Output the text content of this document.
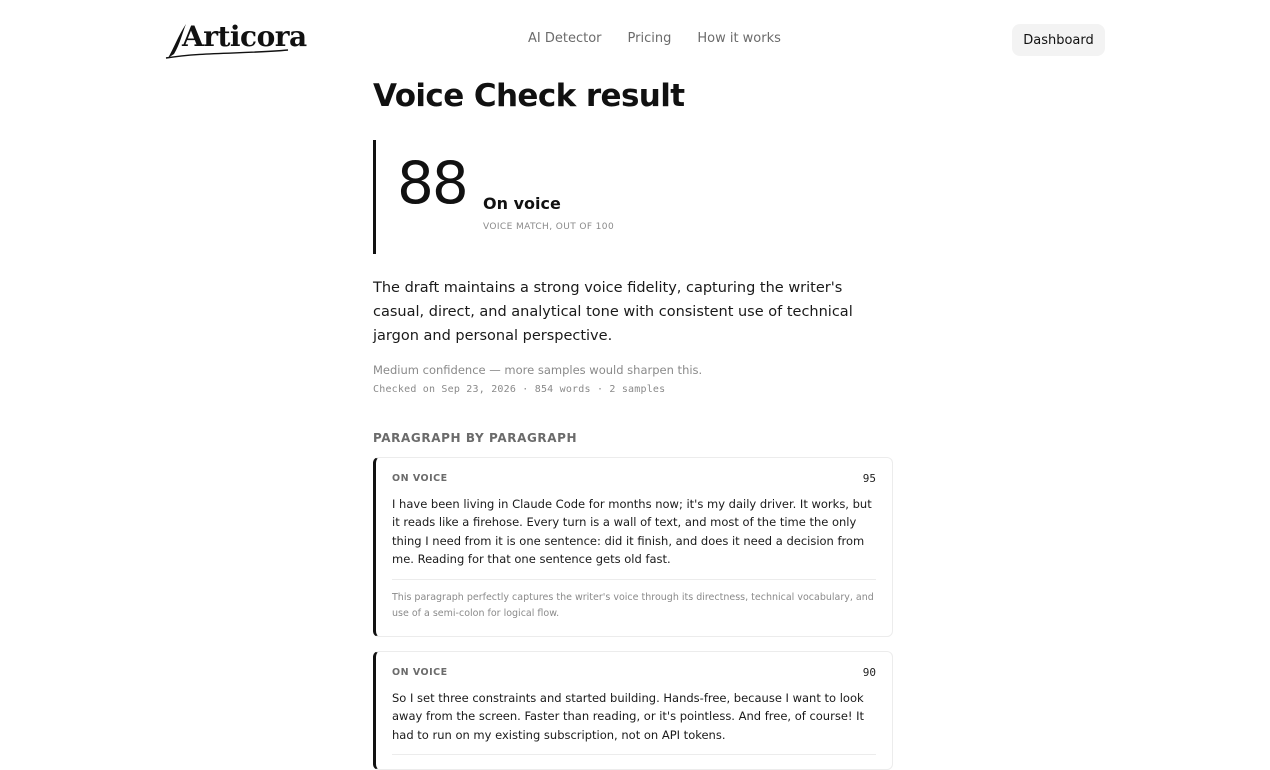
Articora	AI Detector Pricing How it works	Dashboard
Voice Check result
88 On voice
VOICE MATCH, OUT OF 100

The draft maintains a strong voice fidelity, capturing the writer's casual, direct, and analytical tone with consistent use of technical jargon and personal perspective.

Medium confidence — more samples would sharpen this.
Checked on Sep 23, 2026 · 854 words · 2 samples
PARAGRAPH BY PARAGRAPH
ON VOICE	95
I have been living in Claude Code for months now; it's my daily driver. It works, but it reads like a firehose. Every turn is a wall of text, and most of the time the only thing I need from it is one sentence: did it finish, and does it need a decision from me. Reading for that one sentence gets old fast.
This paragraph perfectly captures the writer's voice through its directness, technical vocabulary, and use of a semi-colon for logical flow.
ON VOICE	90
So I set three constraints and started building. Hands-free, because I want to look away from the screen. Faster than reading, or it's pointless. And free, of course! It had to run on my existing subscription, not on API tokens.
